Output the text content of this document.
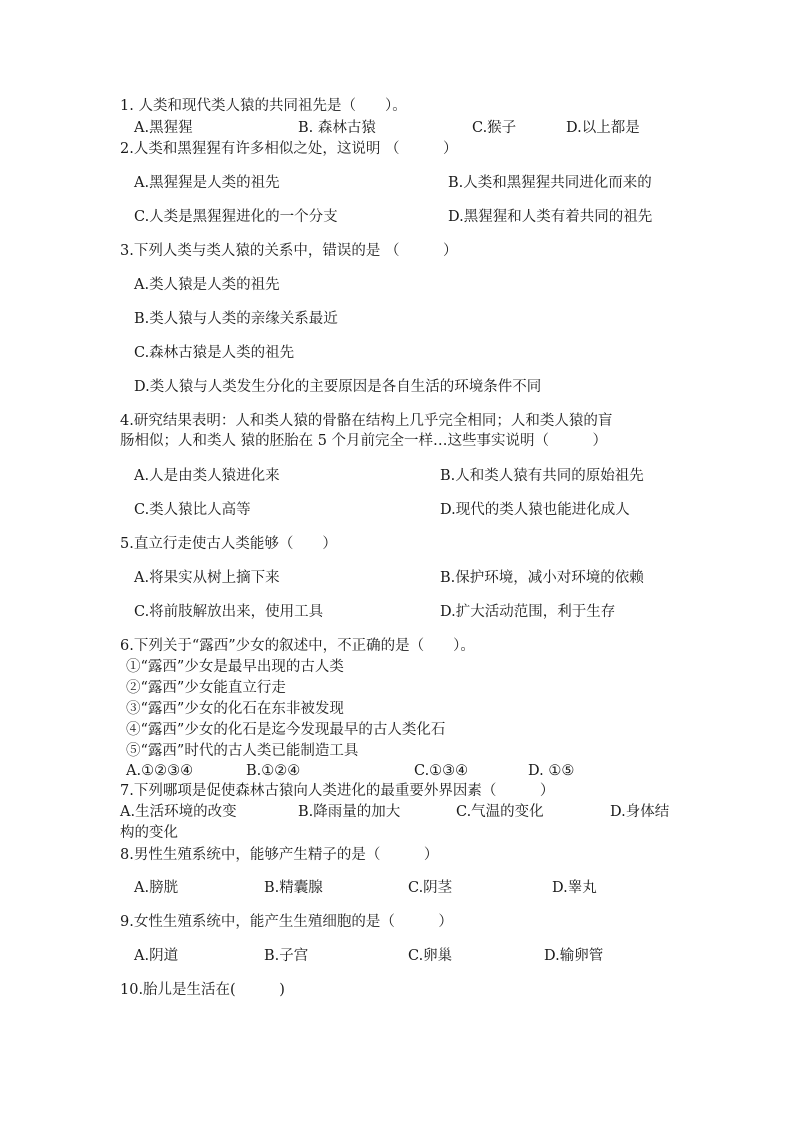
1. 人类和现代类人猿的共同祖先是（　　）。
A.黑猩猩	B. 森林古猿	C.猴子	D.以上都是
2.人类和黑猩猩有许多相似之处，这说明 （　　　）
A.黑猩猩是人类的祖先	B.人类和黑猩猩共同进化而来的
C.人类是黑猩猩进化的一个分支	D.黑猩猩和人类有着共同的祖先
3.下列人类与类人猿的关系中，错误的是 （　　　）
A.类人猿是人类的祖先
B.类人猿与人类的亲缘关系最近
C.森林古猿是人类的祖先
D.类人猿与人类发生分化的主要原因是各自生活的环境条件不同
4.研究结果表明：人和类人猿的骨骼在结构上几乎完全相同；人和类人猿的盲
肠相似；人和类人 猿的胚胎在 5 个月前完全一样…这些事实说明（　　　）
A.人是由类人猿进化来	B.人和类人猿有共同的原始祖先
C.类人猿比人高等	D.现代的类人猿也能进化成人
5.直立行走使古人类能够（　　）
A.将果实从树上摘下来	B.保护环境，减小对环境的依赖
C.将前肢解放出来，使用工具	D.扩大活动范围，利于生存
6.下列关于“露西”少女的叙述中，不正确的是（　　）。
①“露西”少女是最早出现的古人类
②“露西”少女能直立行走
③“露西”少女的化石在东非被发现
④“露西”少女的化石是迄今发现最早的古人类化石
⑤“露西”时代的古人类已能制造工具
A.①②③④	B.①②④	C.①③④	D. ①⑤
7.下列哪项是促使森林古猿向人类进化的最重要外界因素（　　　）
A.生活环境的改变	B.降雨量的加大	C.气温的变化	D.身体结
构的变化
8.男性生殖系统中，能够产生精子的是（　　　）
A.膀胱	B.精囊腺	C.阴茎	D.睾丸
9.女性生殖系统中，能产生生殖细胞的是（　　　）
A.阴道	B.子宫	C.卵巢	D.输卵管
10.胎儿是生活在(　　　)
